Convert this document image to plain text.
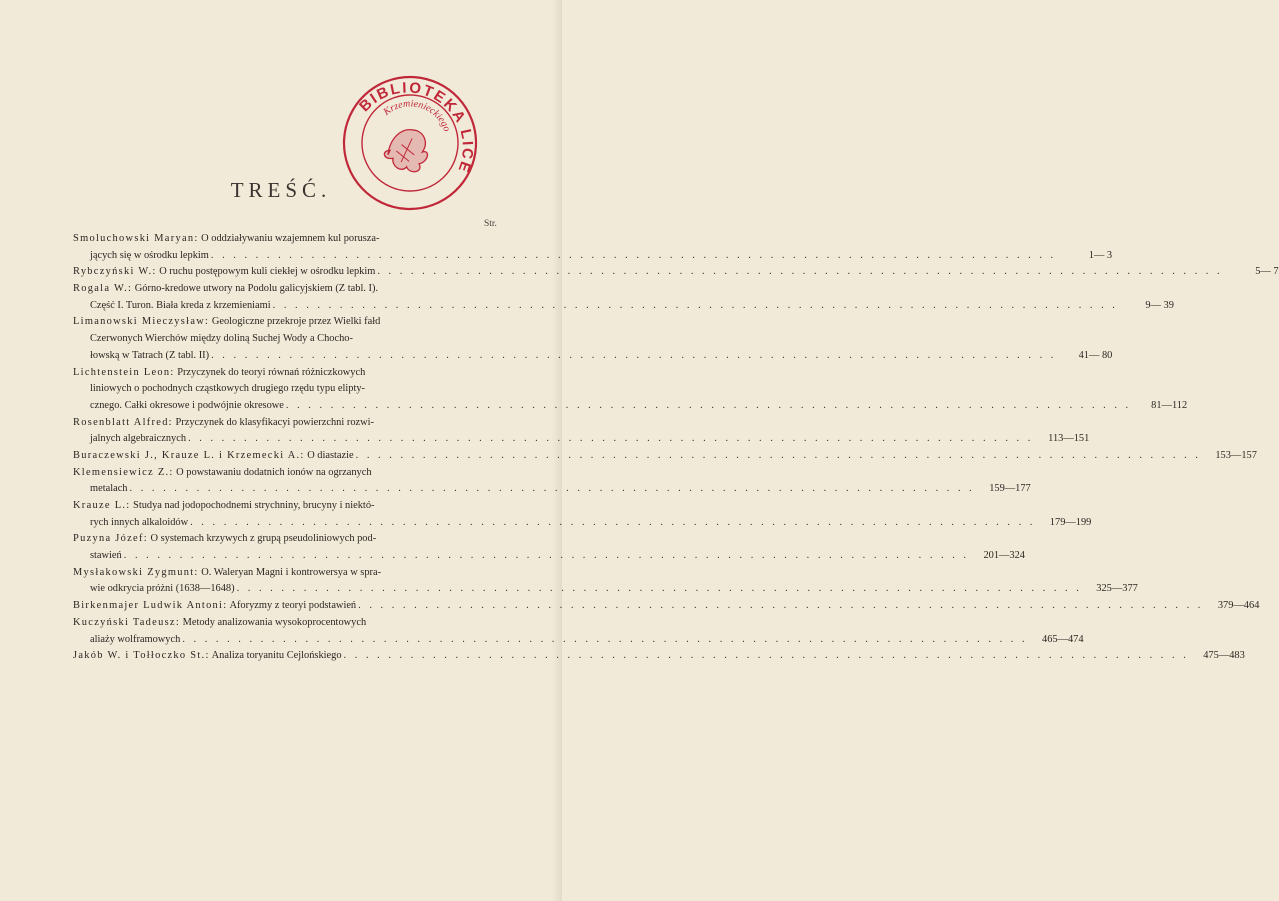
BIBLIOTEKA LICEUM
Krzemienieckiego
TREŚĆ.
Str.
Smoluchowski Maryan: O oddziaływaniu wzajemnem kul porusza-
jących się w ośrodku lepkim . . .	1— 3
Rybczyński W.: O ruchu postępowym kuli ciekłej w ośrodku lepkim . . .	5— 7
Rogala W.: Górno-kredowe utwory na Podolu galicyjskiem (Z tabl. I).
Część I. Turon. Biała kreda z krzemieniami . . .	9— 39
Limanowski Mieczysław: Geologiczne przekroje przez Wielki fałd
Czerwonych Wierchów między doliną Suchej Wody a Chocho-
łowską w Tatrach (Z tabl. II) . . .	41— 80
Lichtenstein Leon: Przyczynek do teoryi równań różniczkowych
liniowych o pochodnych cząstkowych drugiego rzędu typu elipty-
cznego. Całki okresowe i podwójnie okresowe . . .	81—112
Rosenblatt Alfred: Przyczynek do klasyfikacyi powierzchni rozwi-
jalnych algebraicznych . . .	113—151
Buraczewski J., Krauze L. i Krzemecki A.: O diastazie . . .	153—157
Klemensiewicz Z.: O powstawaniu dodatnich ionów na ogrzanych
metalach . . .	159—177
Krauze L.: Studya nad jodopochodnemi strychniny, brucyny i niektó-
rych innych alkaloidów . . .	179—199
Puzyna Józef: O systemach krzywych z grupą pseudoliniowych pod-
stawień . . .	201—324
Mysłakowski Zygmunt: O. Waleryan Magni i kontrowersya w spra-
wie odkrycia próżni (1638—1648) . . .	325—377
Birkenmajer Ludwik Antoni: Aforyzmy z teoryi podstawień . . .	379—464
Kuczyński Tadeusz: Metody analizowania wysokoprocentowych
aliaży wolframowych . . .	465—474
Jakób W. i Tołłoczko St.: Analiza toryanitu Cejlońskiego . . .	475—483
